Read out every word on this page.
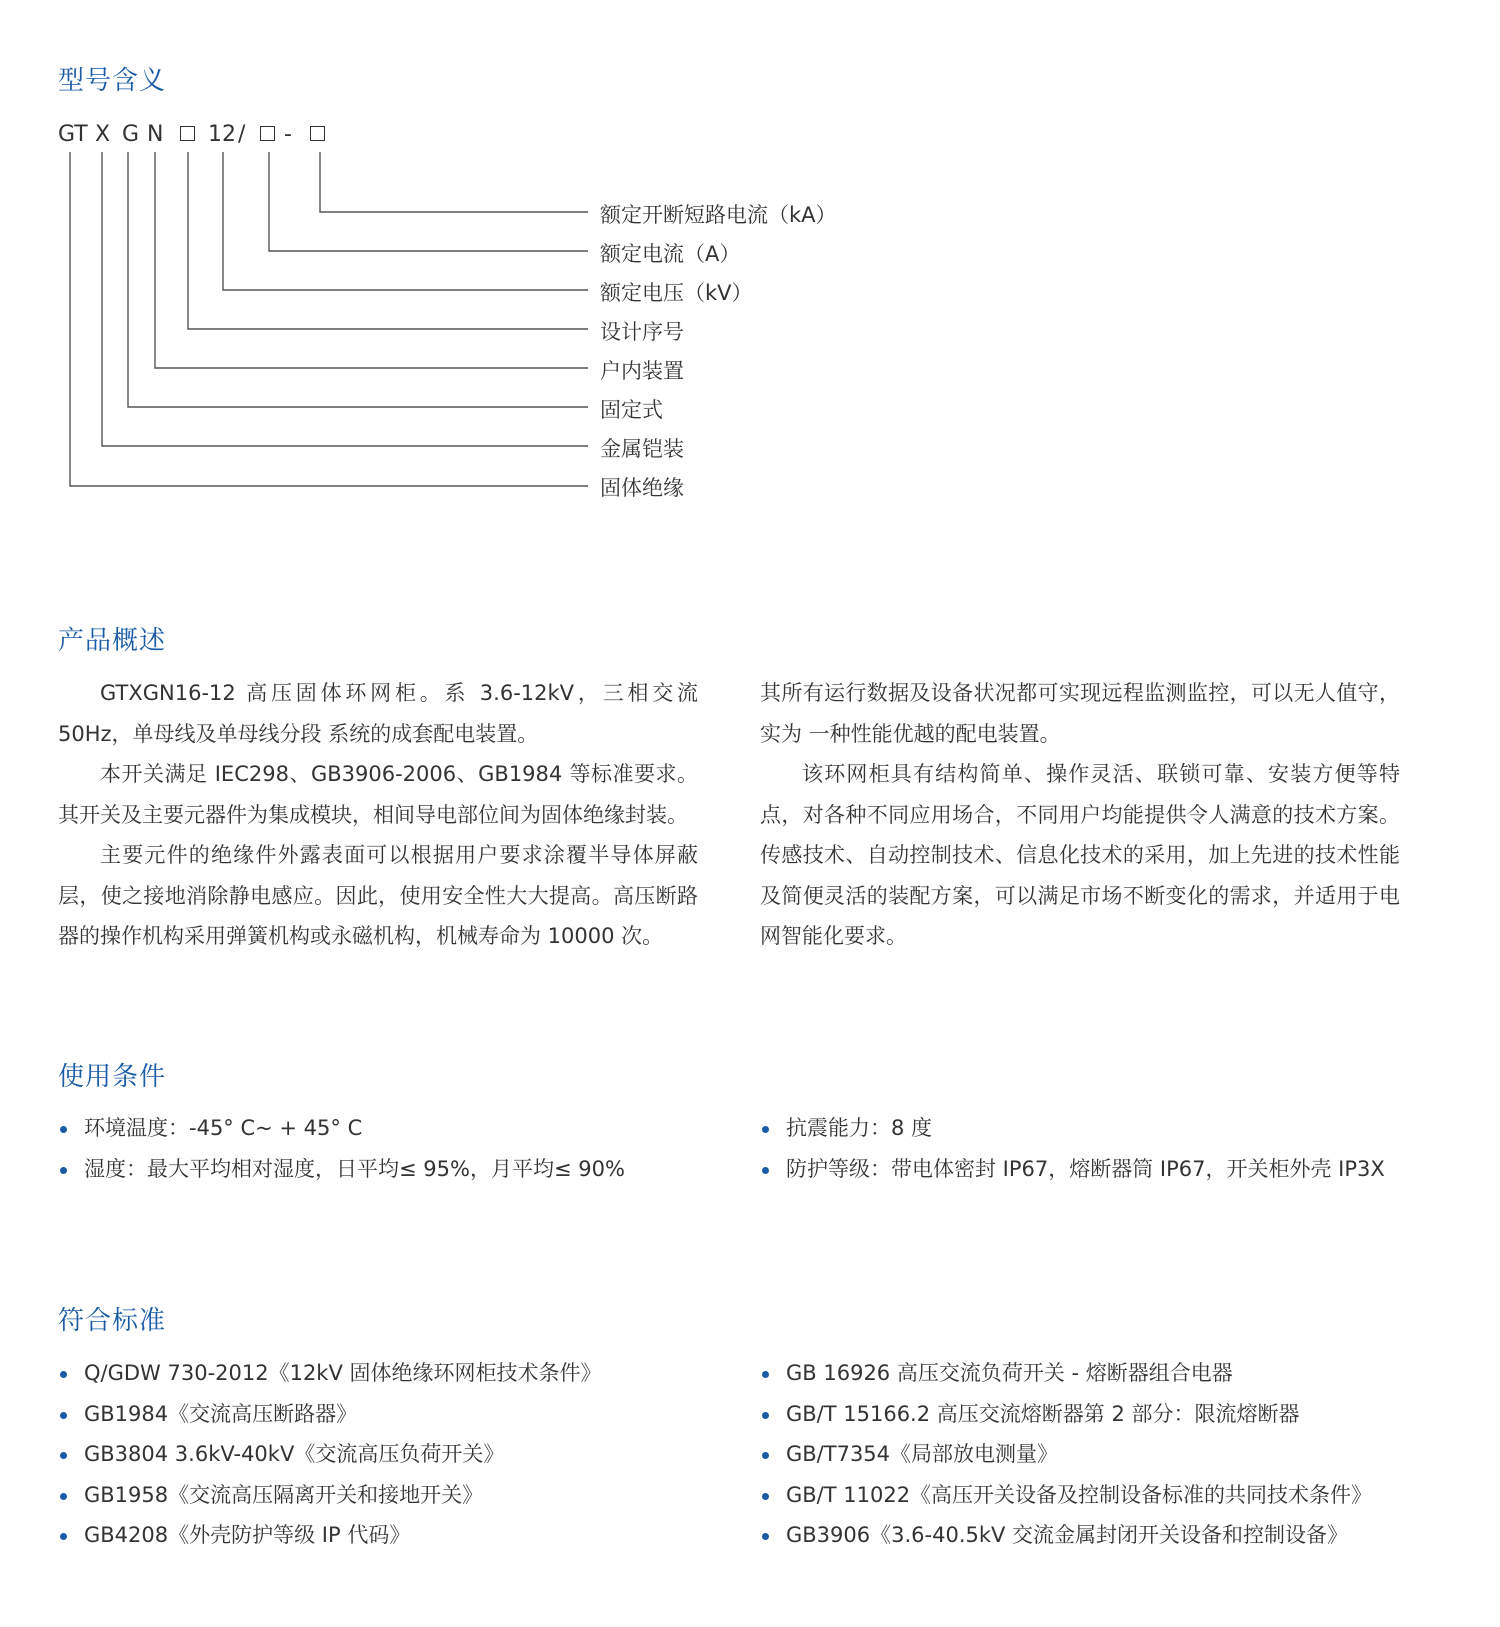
型号含义
GT X G N 12 / -
额定开断短路电流（kA）
额定电流（A）
额定电压（kV）
设计序号
户内装置
固定式
金属铠装
固体绝缘
产品概述

GTXGN16-12 高压固体环网柜。系 3.6-12kV，三相交流 50Hz，单母线及单母线分段 系统的成套配电装置。

本开关满足 IEC298、GB3906-2006、GB1984 等标准要求。其开关及主要元器件为集成模块，相间导电部位间为固体绝缘封装。

主要元件的绝缘件外露表面可以根据用户要求涂覆半导体屏蔽层，使之接地消除静电感应。因此，使用安全性大大提高。高压断路器的操作机构采用弹簧机构或永磁机构，机械寿命为 10000 次。

其所有运行数据及设备状况都可实现远程监测监控，可以无人值守，实为 一种性能优越的配电装置。

该环网柜具有结构简单、操作灵活、联锁可靠、安装方便等特点，对各种不同应用场合，不同用户均能提供令人满意的技术方案。传感技术、自动控制技术、信息化技术的采用，加上先进的技术性能及简便灵活的装配方案，可以满足市场不断变化的需求，并适用于电网智能化要求。

使用条件
环境温度：-45° C~ + 45° C
湿度：最大平均相对湿度，日平均≤ 95%，月平均≤ 90%
抗震能力：8 度
防护等级：带电体密封 IP67，熔断器筒 IP67，开关柜外壳 IP3X
符合标准
Q/GDW 730-2012《12kV 固体绝缘环网柜技术条件》
GB1984《交流高压断路器》
GB3804 3.6kV-40kV《交流高压负荷开关》
GB1958《交流高压隔离开关和接地开关》
GB4208《外壳防护等级 IP 代码》
GB 16926 高压交流负荷开关 - 熔断器组合电器
GB/T 15166.2 高压交流熔断器第 2 部分：限流熔断器
GB/T7354《局部放电测量》
GB/T 11022《高压开关设备及控制设备标准的共同技术条件》
GB3906《3.6-40.5kV 交流金属封闭开关设备和控制设备》
